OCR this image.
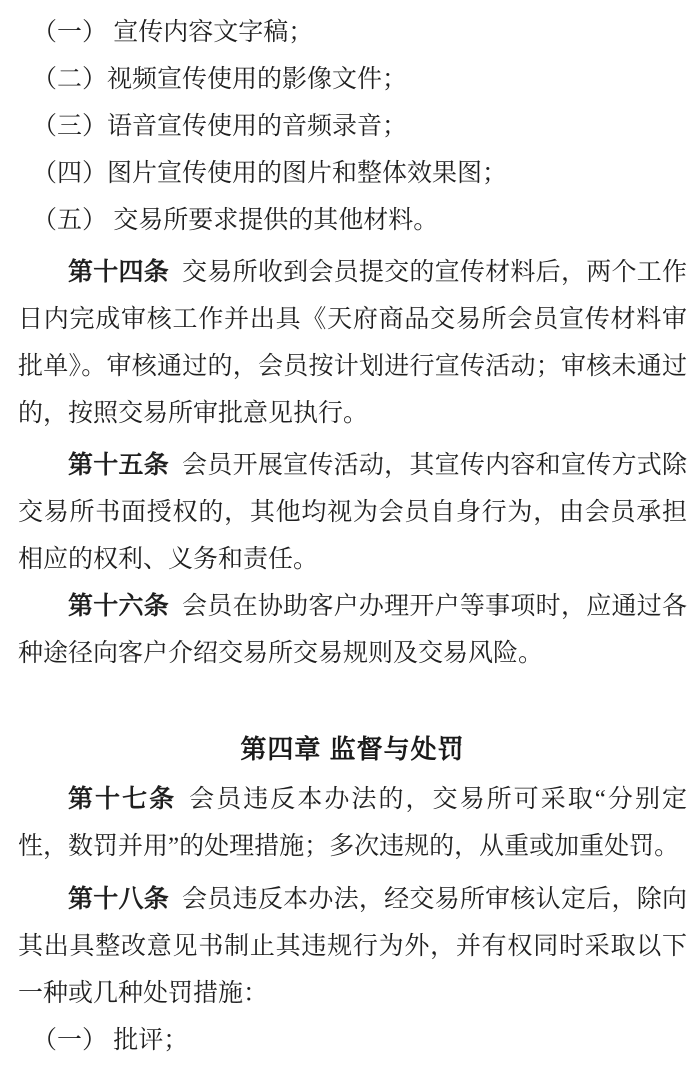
（一） 宣传内容文字稿；
（二）视频宣传使用的影像文件；
（三）语音宣传使用的音频录音；
（四）图片宣传使用的图片和整体效果图；
（五） 交易所要求提供的其他材料。

第十四条 交易所收到会员提交的宣传材料后，两个工作日内完成审核工作并出具《天府商品交易所会员宣传材料审批单》。审核通过的，会员按计划进行宣传活动；审核未通过的，按照交易所审批意见执行。

第十五条 会员开展宣传活动，其宣传内容和宣传方式除交易所书面授权的，其他均视为会员自身行为，由会员承担相应的权利、义务和责任。

第十六条 会员在协助客户办理开户等事项时，应通过各种途径向客户介绍交易所交易规则及交易风险。

第四章 监督与处罚

第十七条 会员违反本办法的，交易所可采取“分别定性，数罚并用”的处理措施；多次违规的，从重或加重处罚。

第十八条 会员违反本办法，经交易所审核认定后，除向其出具整改意见书制止其违规行为外，并有权同时采取以下一种或几种处罚措施：

（一） 批评；
